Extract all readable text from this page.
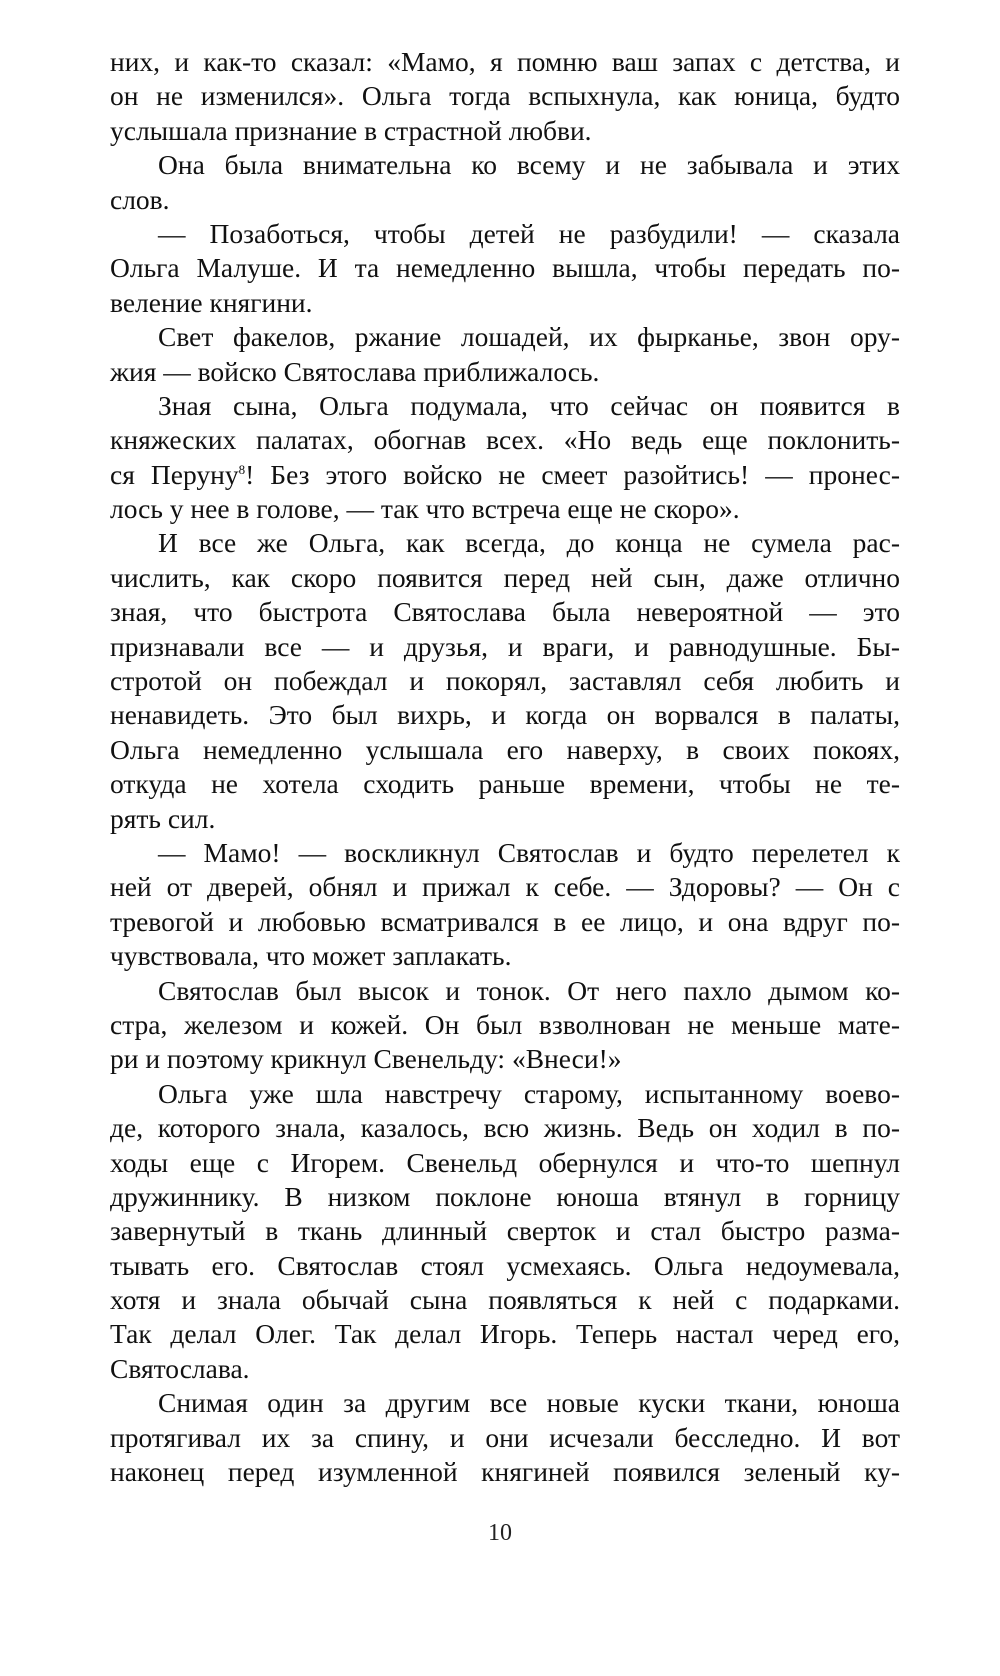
них, и как-то сказал: «Мамо, я помню ваш запах с детства, и
он не изменился». Ольга тогда вспыхнула, как юница, будто
услышала признание в страстной любви.
Она была внимательна ко всему и не забывала и этих
слов.
— Позаботься, чтобы детей не разбудили! — сказала
Ольга Малуше. И та немедленно вышла, чтобы передать по-
веление княгини.
Свет факелов, ржание лошадей, их фырканье, звон ору-
жия — войско Святослава приближалось.
Зная сына, Ольга подумала, что сейчас он появится в
княжеских палатах, обогнав всех. «Но ведь еще поклонить-
ся Перуну$^8$! Без этого войско не смеет разойтись! — пронес-
лось у нее в голове, — так что встреча еще не скоро».
И все же Ольга, как всегда, до конца не сумела рас-
числить, как скоро появится перед ней сын, даже отлично
зная, что быстрота Святослава была невероятной — это
признавали все — и друзья, и враги, и равнодушные. Бы-
стротой он побеждал и покорял, заставлял себя любить и
ненавидеть. Это был вихрь, и когда он ворвался в палаты,
Ольга немедленно услышала его наверху, в своих покоях,
откуда не хотела сходить раньше времени, чтобы не те-
рять сил.
— Мамо! — воскликнул Святослав и будто перелетел к
ней от дверей, обнял и прижал к себе. — Здоровы? — Он с
тревогой и любовью всматривался в ее лицо, и она вдруг по-
чувствовала, что может заплакать.
Святослав был высок и тонок. От него пахло дымом ко-
стра, железом и кожей. Он был взволнован не меньше мате-
ри и поэтому крикнул Свенельду: «Внеси!»
Ольга уже шла навстречу старому, испытанному воево-
де, которого знала, казалось, всю жизнь. Ведь он ходил в по-
ходы еще с Игорем. Свенельд обернулся и что-то шепнул
дружиннику. В низком поклоне юноша втянул в горницу
завернутый в ткань длинный сверток и стал быстро разма-
тывать его. Святослав стоял усмехаясь. Ольга недоумевала,
хотя и знала обычай сына появляться к ней с подарками.
Так делал Олег. Так делал Игорь. Теперь настал черед его,
Святослава.
Снимая один за другим все новые куски ткани, юноша
протягивал их за спину, и они исчезали бесследно. И вот
наконец перед изумленной княгиней появился зеленый ку-
10
